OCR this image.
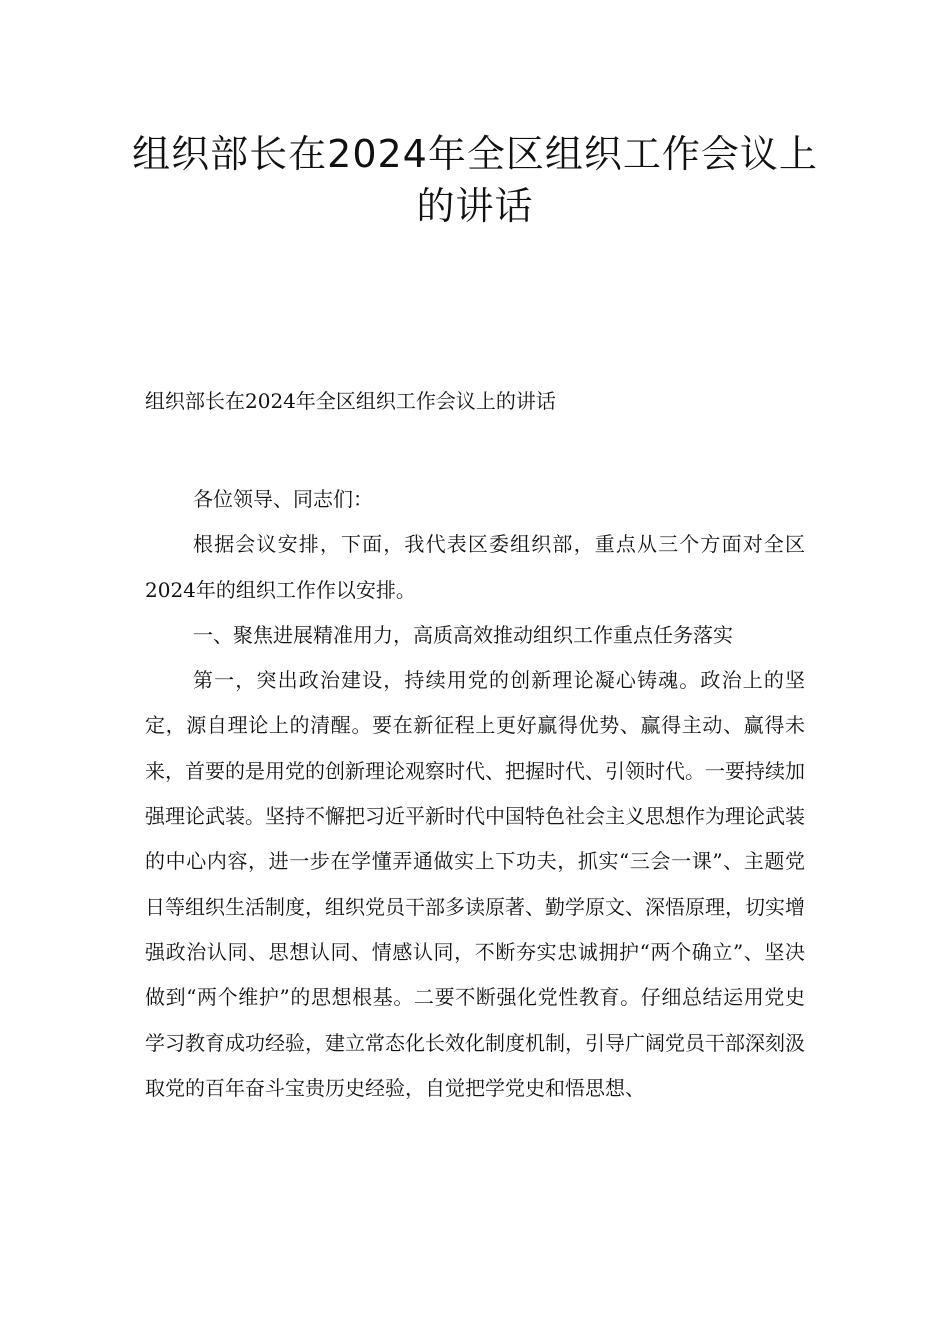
组织部长在2024年全区组织工作会议上的讲话
组织部长在2024年全区组织工作会议上的讲话

各位领导、同志们：

根据会议安排，下面，我代表区委组织部，重点从三个方面对全区2024年的组织工作作以安排。

一、聚焦进展精准用力，高质高效推动组织工作重点任务落实

第一，突出政治建设，持续用党的创新理论凝心铸魂。政治上的坚定，源自理论上的清醒。要在新征程上更好赢得优势、赢得主动、赢得未来，首要的是用党的创新理论观察时代、把握时代、引领时代。一要持续加强理论武装。坚持不懈把习近平新时代中国特色社会主义思想作为理论武装的中心内容，进一步在学懂弄通做实上下功夫，抓实“三会一课”、主题党日等组织生活制度，组织党员干部多读原著、勤学原文、深悟原理，切实增强政治认同、思想认同、情感认同，不断夯实忠诚拥护“两个确立”、坚决做到“两个维护”的思想根基。二要不断强化党性教育。仔细总结运用党史学习教育成功经验，建立常态化长效化制度机制，引导广阔党员干部深刻汲取党的百年奋斗宝贵历史经验，自觉把学党史和悟思想、
